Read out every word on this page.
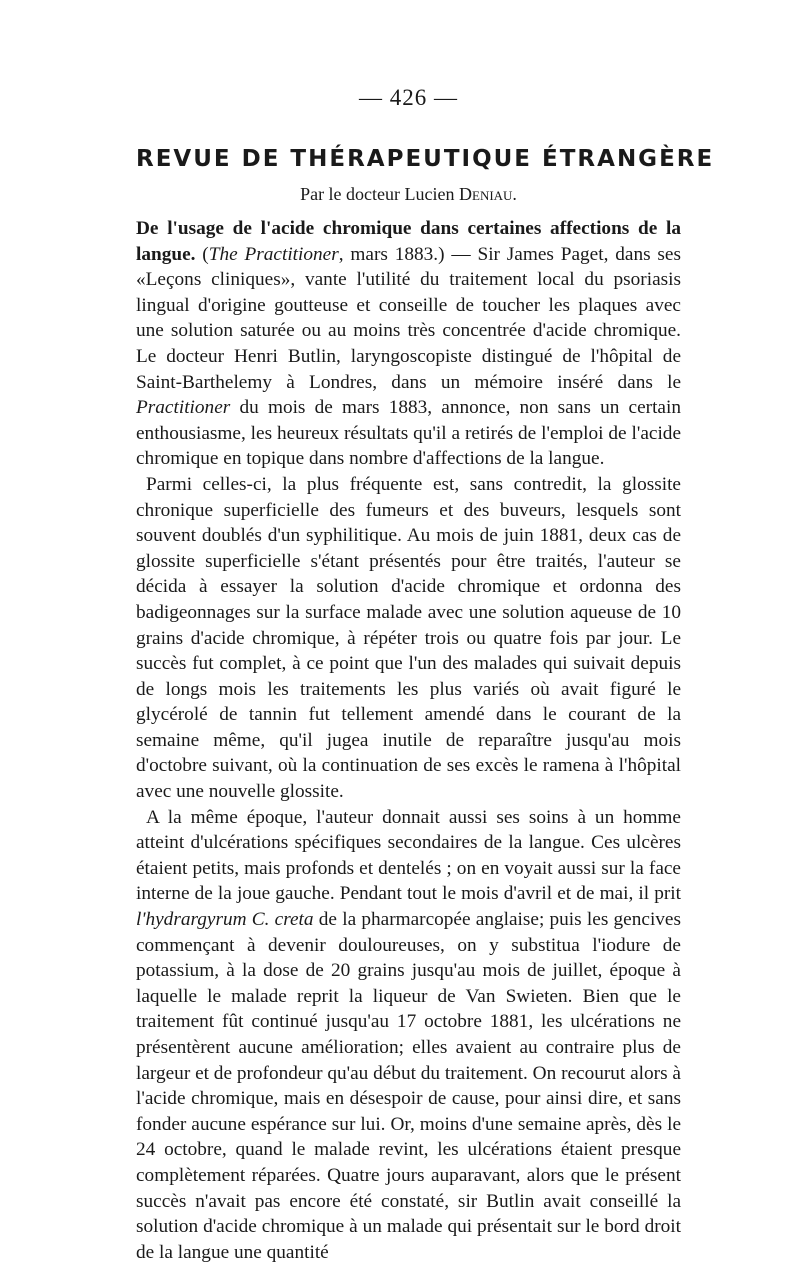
— 426 —
REVUE DE THÉRAPEUTIQUE ÉTRANGÈRE
Par le docteur Lucien Deniau.

De l'usage de l'acide chromique dans certaines affections de la langue. (The Practitioner, mars 1883.) — Sir James Paget, dans ses «Leçons cliniques», vante l'utilité du traitement local du psoriasis lingual d'origine goutteuse et conseille de toucher les plaques avec une solution saturée ou au moins très concentrée d'acide chromique. Le docteur Henri Butlin, laryngoscopiste distingué de l'hôpital de Saint-Barthelemy à Londres, dans un mémoire inséré dans le Practitioner du mois de mars 1883, annonce, non sans un certain enthousiasme, les heureux résultats qu'il a retirés de l'emploi de l'acide chromique en topique dans nombre d'affections de la langue.

Parmi celles-ci, la plus fréquente est, sans contredit, la glossite chronique superficielle des fumeurs et des buveurs, lesquels sont souvent doublés d'un syphilitique. Au mois de juin 1881, deux cas de glossite superficielle s'étant présentés pour être traités, l'auteur se décida à essayer la solution d'acide chromique et ordonna des badigeonnages sur la surface malade avec une solution aqueuse de 10 grains d'acide chromique, à répéter trois ou quatre fois par jour. Le succès fut complet, à ce point que l'un des malades qui suivait depuis de longs mois les traitements les plus variés où avait figuré le glycérolé de tannin fut tellement amendé dans le courant de la semaine même, qu'il jugea inutile de reparaître jusqu'au mois d'octobre suivant, où la continuation de ses excès le ramena à l'hôpital avec une nouvelle glossite.

A la même époque, l'auteur donnait aussi ses soins à un homme atteint d'ulcérations spécifiques secondaires de la langue. Ces ulcères étaient petits, mais profonds et dentelés ; on en voyait aussi sur la face interne de la joue gauche. Pendant tout le mois d'avril et de mai, il prit l'hydrargyrum C. creta de la pharmarcopée anglaise; puis les gencives commençant à devenir douloureuses, on y substitua l'iodure de potassium, à la dose de 20 grains jusqu'au mois de juillet, époque à laquelle le malade reprit la liqueur de Van Swieten. Bien que le traitement fût continué jusqu'au 17 octobre 1881, les ulcérations ne présentèrent aucune amélioration; elles avaient au contraire plus de largeur et de profondeur qu'au début du traitement. On recourut alors à l'acide chromique, mais en désespoir de cause, pour ainsi dire, et sans fonder aucune espérance sur lui. Or, moins d'une semaine après, dès le 24 octobre, quand le malade revint, les ulcérations étaient presque complètement réparées. Quatre jours auparavant, alors que le présent succès n'avait pas encore été constaté, sir Butlin avait conseillé la solution d'acide chromique à un malade qui présentait sur le bord droit de la langue une quantité
